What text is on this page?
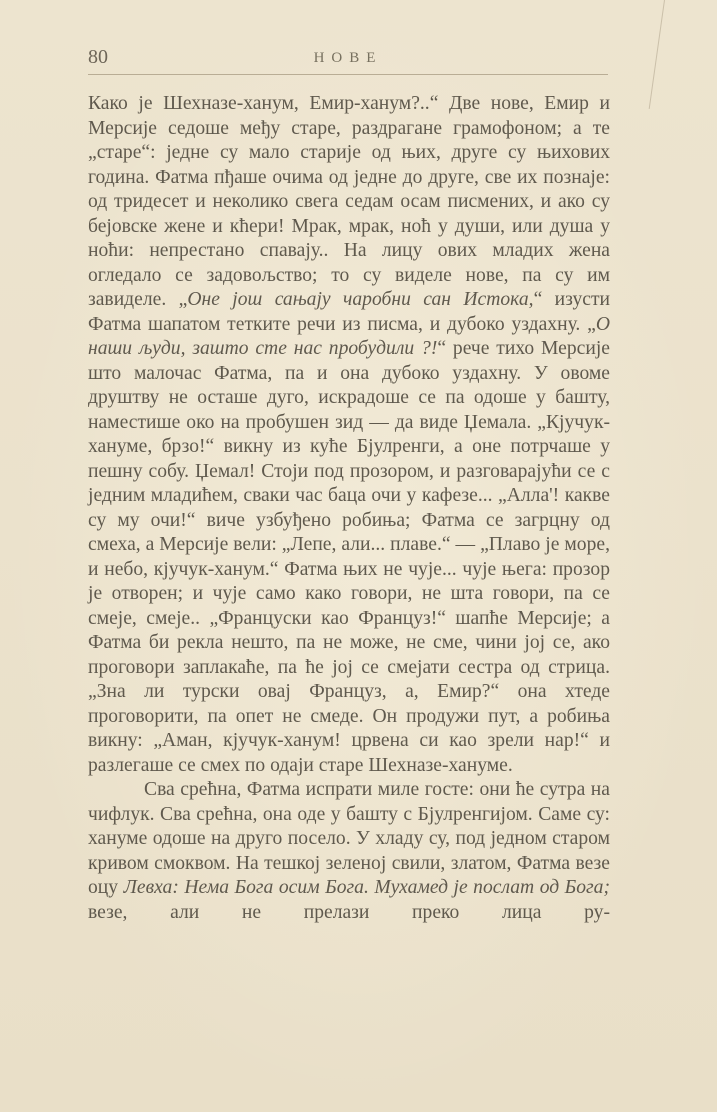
80	НОВЕ

Како је Шехназе-ханум, Емир-ханум?..“ Две нове, Емир и Мерсије седоше међу старе, раздрагане грамофоном; а те „старе“: једне су мало старије од њих, друге су њихових година. Фатма пђаше очима од једне до друге, све их познаје: од тридесет и неколико свега седам осам писмених, и ако су бејовске жене и кћери! Мрак, мрак, ноћ у души, или душа у ноћи: непрестано спавају.. На лицу ових младих жена огледало се задовољство; то су виделе нове, па су им завиделе. „Оне још сањају чаробни сан Истока,“ изусти Фатма шапатом тетките речи из писма, и дубоко уздахну. „О наши људи, зашто сте нас пробудили ?!“ рече тихо Мерсије што малочас Фатма, па и она дубоко уздахну. У овоме друштву не осташе дуго, искрадоше се па одоше у башту, наместише око на пробушен зид — да виде Џемала. „Кјучук-хануме, брзо!“ викну из куће Бјулренги, а оне потрчаше у пешну собу. Џемал! Стоји под прозором, и разговарајући се с једним младићем, сваки час баца очи у кафезе... „Алла'! какве су му очи!“ виче узбуђено робиња; Фатма се загрцну од смеха, а Мерсије вели: „Лепе, али... плаве.“ — „Плаво је море, и небо, кјучук-ханум.“ Фатма њих не чује... чује њега: прозор је отворен; и чује само како говори, не шта говори, па се смеје, смеје.. „Француски као Француз!“ шапће Мерсије; а Фатма би рекла нешто, па не може, не сме, чини јој се, ако проговори заплакаће, па ће јој се смејати сестра од стрица. „Зна ли турски овај Француз, а, Емир?“ она хтеде проговорити, па опет не смеде. Он продужи пут, а робиња викну: „Аман, кјучук-ханум! црвена си као зрели нар!“ и разлегаше се смех по одаји старе Шехназе-хануме.

Сва срећна, Фатма испрати миле госте: они ће сутра на чифлук. Сва срећна, она оде у башту с Бјулренгијом. Саме су: хануме одоше на друго посело. У хладу су, под једном старом кривом смоквом. На тешкој зеленој свили, златом, Фатма везе оцу Левха: Нема Бога осим Бога. Мухамед је послат од Бога; везе, али не прелази преко лица ру-
